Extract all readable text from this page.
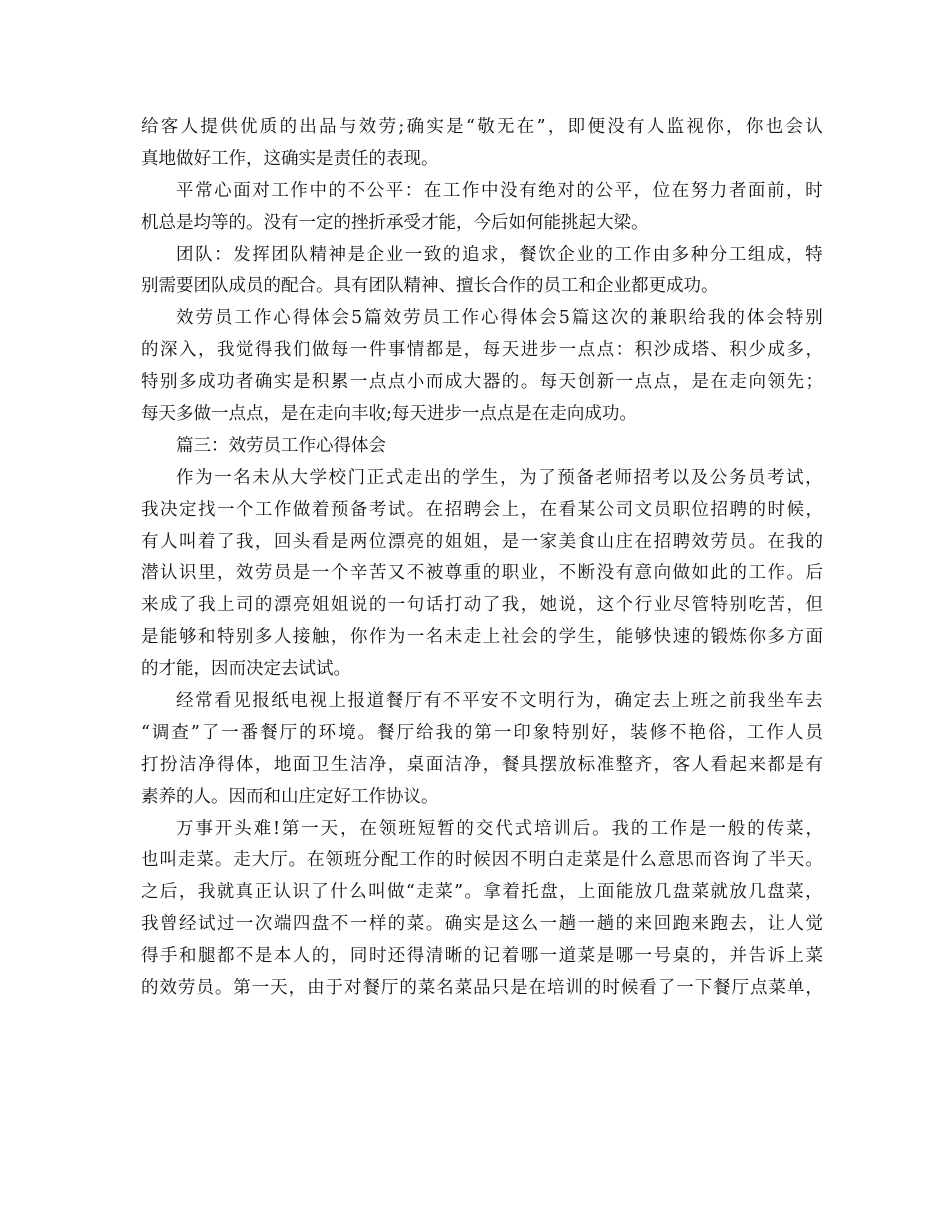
给 客 人 提 供 优 质 的 出 品 与 效 劳 ; 确 实 是 “ 敬 无 在 ” ， 即 便 没 有 人 监 视 你 ， 你 也 会 认
真地做好工作，这确实是责任的表现。
平 常 心 面 对 工 作 中 的 不 公 平 ： 在 工 作 中 没 有 绝 对 的 公 平 ， 位 在 努 力 者 面 前 ， 时
机总是均等的。没有一定的挫折承受才能，今后如何能挑起大梁。
团 队 ： 发 挥 团 队 精 神 是 企 业 一 致 的 追 求 ， 餐 饮 企 业 的 工 作 由 多 种 分 工 组 成 ， 特
别需要团队成员的配合。具有团队精神、擅长合作的员工和企业都更成功。
效 劳 员 工 作 心 得 体 会 5 篇 效 劳 员 工 作 心 得 体 会 5 篇 这 次 的 兼 职 给 我 的 体 会 特 别
的 深 入 ， 我 觉 得 我 们 做 每 一 件 事 情 都 是 ， 每 天 进 步 一 点 点 ： 积 沙 成 塔 、 积 少 成 多 ，
特 别 多 成 功 者 确 实 是 积 累 一 点 点 小 而 成 大 器 的 。 每 天 创 新 一 点 点 ， 是 在 走 向 领 先 ；
每天多做一点点，是在走向丰收;每天进步一点点是在走向成功。
篇三：效劳员工作心得体会
作 为 一 名 未 从 大 学 校 门 正 式 走 出 的 学 生 ， 为 了 预 备 老 师 招 考 以 及 公 务 员 考 试 ，
我 决 定 找 一 个 工 作 做 着 预 备 考 试 。 在 招 聘 会 上 ， 在 看 某 公 司 文 员 职 位 招 聘 的 时 候 ，
有 人 叫 着 了 我 ， 回 头 看 是 两 位 漂 亮 的 姐 姐 ， 是 一 家 美 食 山 庄 在 招 聘 效 劳 员 。 在 我 的
潜 认 识 里 ， 效 劳 员 是 一 个 辛 苦 又 不 被 尊 重 的 职 业 ， 不 断 没 有 意 向 做 如 此 的 工 作 。 后
来 成 了 我 上 司 的 漂 亮 姐 姐 说 的 一 句 话 打 动 了 我 ， 她 说 ， 这 个 行 业 尽 管 特 别 吃 苦 ， 但
是 能 够 和 特 别 多 人 接 触 ， 你 作 为 一 名 未 走 上 社 会 的 学 生 ， 能 够 快 速 的 锻 炼 你 多 方 面
的才能，因而决定去试试。
经 常 看 见 报 纸 电 视 上 报 道 餐 厅 有 不 平 安 不 文 明 行 为 ， 确 定 去 上 班 之 前 我 坐 车 去
“ 调 查 ” 了 一 番 餐 厅 的 环 境 。 餐 厅 给 我 的 第 一 印 象 特 别 好 ， 装 修 不 艳 俗 ， 工 作 人 员
打 扮 洁 净 得 体 ， 地 面 卫 生 洁 净 ， 桌 面 洁 净 ， 餐 具 摆 放 标 准 整 齐 ， 客 人 看 起 来 都 是 有
素养的人。因而和山庄定好工作协议。
万 事 开 头 难 ! 第 一 天 ， 在 领 班 短 暂 的 交 代 式 培 训 后 。 我 的 工 作 是 一 般 的 传 菜 ，
也 叫 走 菜 。 走 大 厅 。 在 领 班 分 配 工 作 的 时 候 因 不 明 白 走 菜 是 什 么 意 思 而 咨 询 了 半 天 。
之 后 ， 我 就 真 正 认 识 了 什 么 叫 做 “ 走 菜 ” 。 拿 着 托 盘 ， 上 面 能 放 几 盘 菜 就 放 几 盘 菜 ，
我 曾 经 试 过 一 次 端 四 盘 不 一 样 的 菜 。 确 实 是 这 么 一 趟 一 趟 的 来 回 跑 来 跑 去 ， 让 人 觉
得 手 和 腿 都 不 是 本 人 的 ， 同 时 还 得 清 晰 的 记 着 哪 一 道 菜 是 哪 一 号 桌 的 ， 并 告 诉 上 菜
的 效 劳 员 。 第 一 天 ， 由 于 对 餐 厅 的 菜 名 菜 品 只 是 在 培 训 的 时 候 看 了 一 下 餐 厅 点 菜 单 ，
